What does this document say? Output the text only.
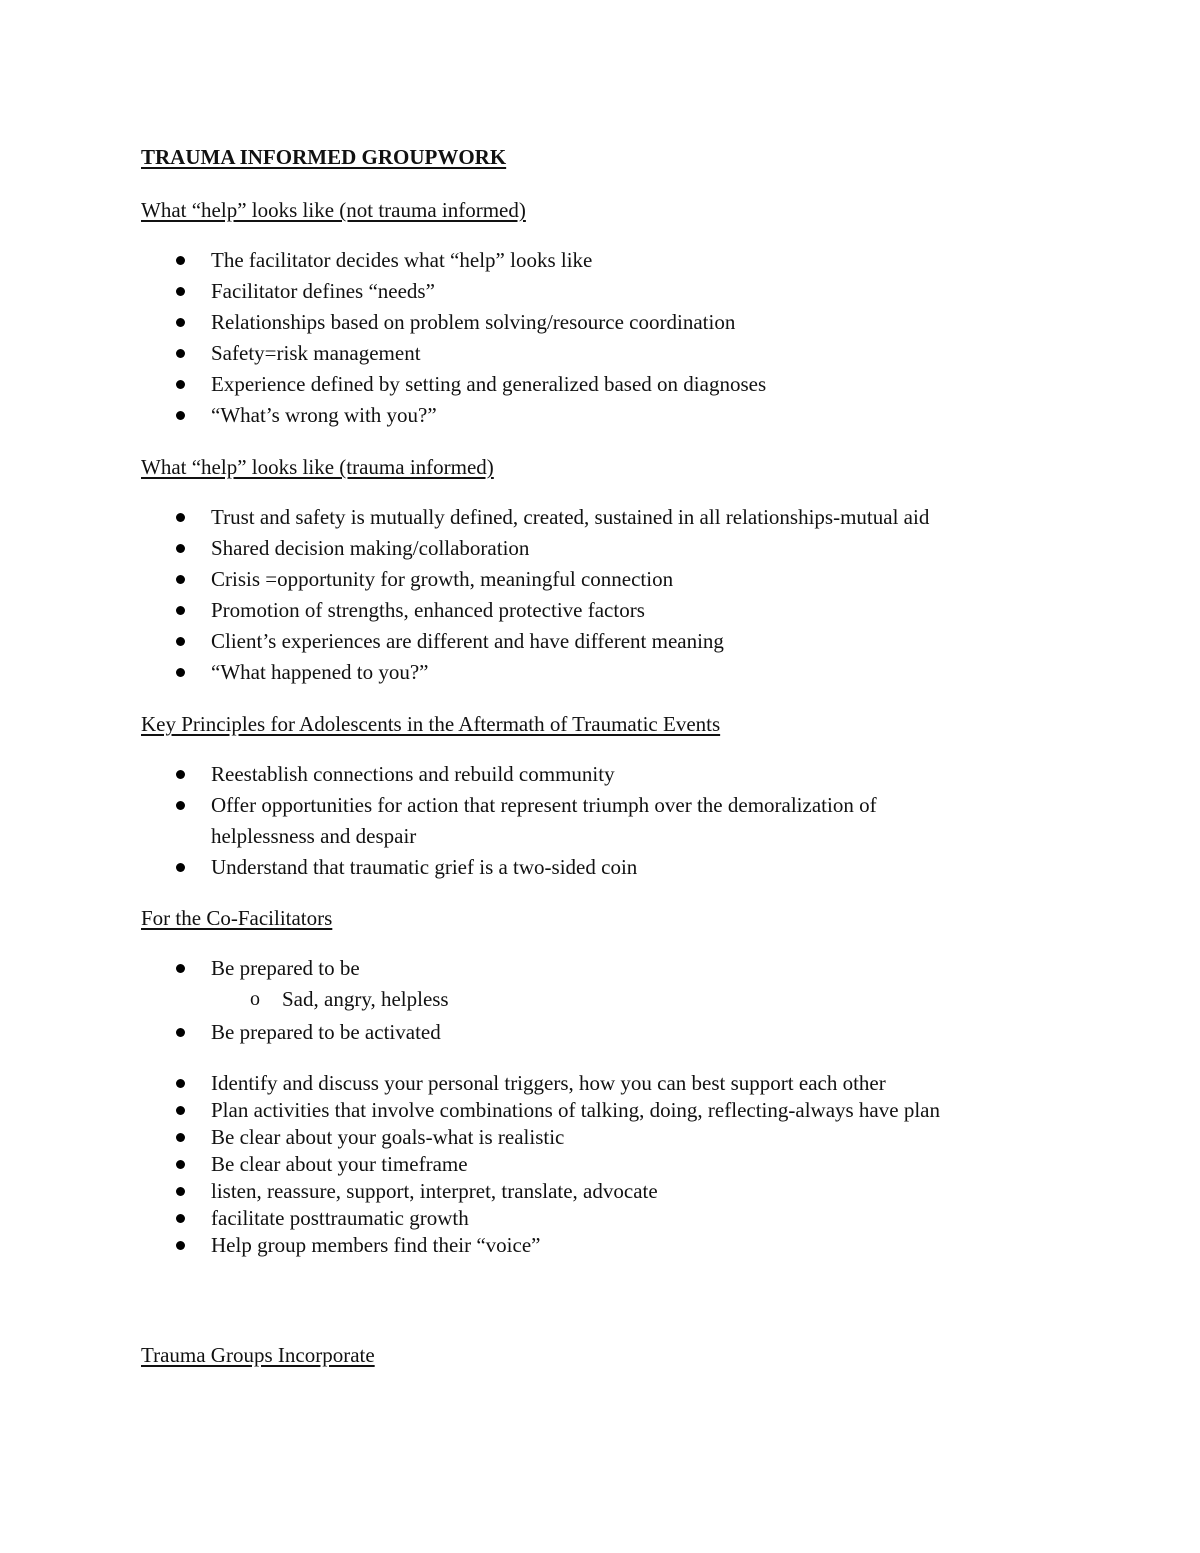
TRAUMA INFORMED GROUPWORK
What “help” looks like (not trauma informed)
The facilitator decides what “help” looks like
Facilitator defines “needs”
Relationships based on problem solving/resource coordination
Safety=risk management
Experience defined by setting and generalized based on diagnoses
“What’s wrong with you?”
What “help” looks like (trauma informed)
Trust and safety is mutually defined, created, sustained in all relationships-mutual aid
Shared decision making/collaboration
Crisis =opportunity for growth, meaningful connection
Promotion of strengths, enhanced protective factors
Client’s experiences are different and have different meaning
“What happened to you?”
Key Principles for Adolescents in the Aftermath of Traumatic Events
Reestablish connections and rebuild community
Offer opportunities for action that represent triumph over the demoralization of
helplessness and despair
Understand that traumatic grief is a two-sided coin
For the Co-Facilitators
Be prepared to be
o Sad, angry, helpless
Be prepared to be activated
Identify and discuss your personal triggers, how you can best support each other
Plan activities that involve combinations of talking, doing, reflecting-always have plan
Be clear about your goals-what is realistic
Be clear about your timeframe
listen, reassure, support, interpret, translate, advocate
facilitate posttraumatic growth
Help group members find their “voice”
Trauma Groups Incorporate
